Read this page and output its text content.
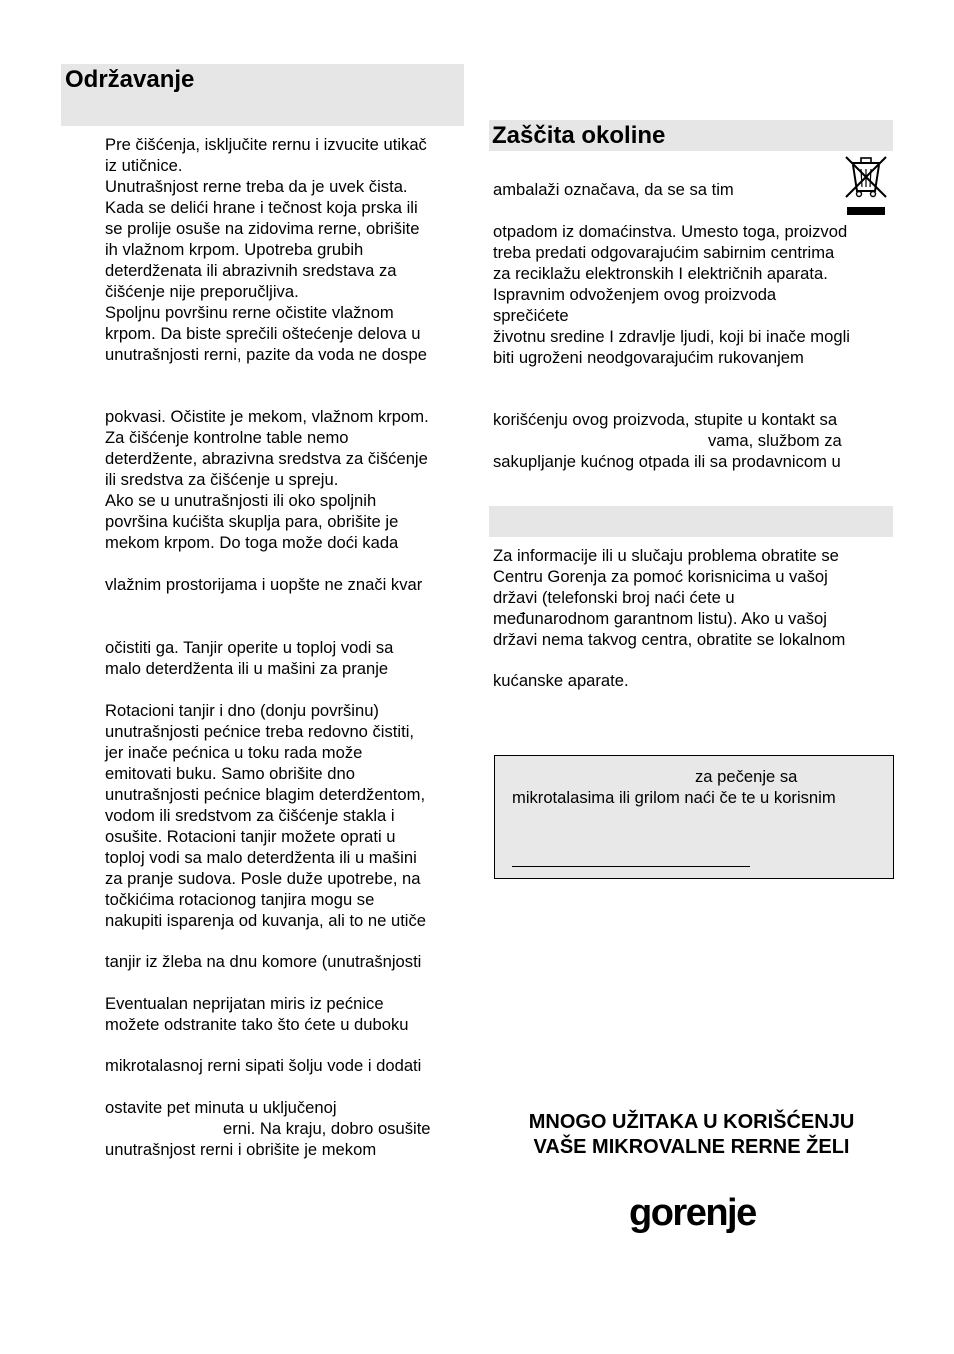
Održavanje
Pre čišćenja, isključite rernu i izvucite utikač
iz utičnice.
Unutrašnjost rerne treba da je uvek čista.
Kada se delići hrane i tečnost koja prska ili
se prolije osuše na zidovima rerne, obrišite
ih vlažnom krpom. Upotreba grubih
deterdženata ili abrazivnih sredstava za
čišćenje nije preporučljiva.
Spoljnu površinu rerne očistite vlažnom
krpom. Da biste sprečili oštećenje delova u
unutrašnjosti rerni, pazite da voda ne dospe
pokvasi. Očistite je mekom, vlažnom krpom.
Za čišćenje kontrolne table nemo
deterdžente, abrazivna sredstva za čišćenje
ili sredstva za čišćenje u spreju.
Ako se u unutrašnjosti ili oko spoljnih
površina kućišta skuplja para, obrišite je
mekom krpom. Do toga može doći kada
vlažnim prostorijama i uopšte ne znači kvar
očistiti ga. Tanjir operite u toploj vodi sa
malo deterdženta ili u mašini za pranje
Rotacioni tanjir i dno (donju površinu)
unutrašnjosti pećnice treba redovno čistiti,
jer inače pećnica u toku rada može
emitovati buku. Samo obrišite dno
unutrašnjosti pećnice blagim deterdžentom,
vodom ili sredstvom za čišćenje stakla i
osušite. Rotacioni tanjir možete oprati u
toploj vodi sa malo deterdženta ili u mašini
za pranje sudova. Posle duže upotrebe, na
točkićima rotacionog tanjira mogu se
nakupiti isparenja od kuvanja, ali to ne utiče
tanjir iz žleba na dnu komore (unutrašnjosti
Eventualan neprijatan miris iz pećnice
možete odstranite tako što ćete u duboku
mikrotalasnoj rerni sipati šolju vode i dodati
ostavite pet minuta u uključenoj
erni. Na kraju, dobro osušite
unutrašnjost rerni i obrišite je mekom
Zaščita okoline
ambalaži označava, da se sa tim
otpadom iz domaćinstva. Umesto toga, proizvod
treba predati odgovarajućim sabirnim centrima
za reciklažu elektronskih I električnih aparata.
Ispravnim odvoženjem ovog proizvoda
sprečićete
životnu sredine I zdravlje ljudi, koji bi inače mogli
biti ugroženi neodgovarajućim rukovanjem
korišćenju ovog proizvoda, stupite u kontakt sa
vama, službom za
sakupljanje kućnog otpada ili sa prodavnicom u
Za informacije ili u slučaju problema obratite se
Centru Gorenja za pomoć korisnicima u vašoj
državi (telefonski broj naći ćete u
međunarodnom garantnom listu). Ako u vašoj
državi nema takvog centra, obratite se lokalnom
kućanske aparate.
za pečenje sa
mikrotalasima ili grilom naći če te u korisnim
MNOGO UŽITAKA U KORIŠĆENJU
VAŠE MIKROVALNE RERNE ŽELI
gorenje
